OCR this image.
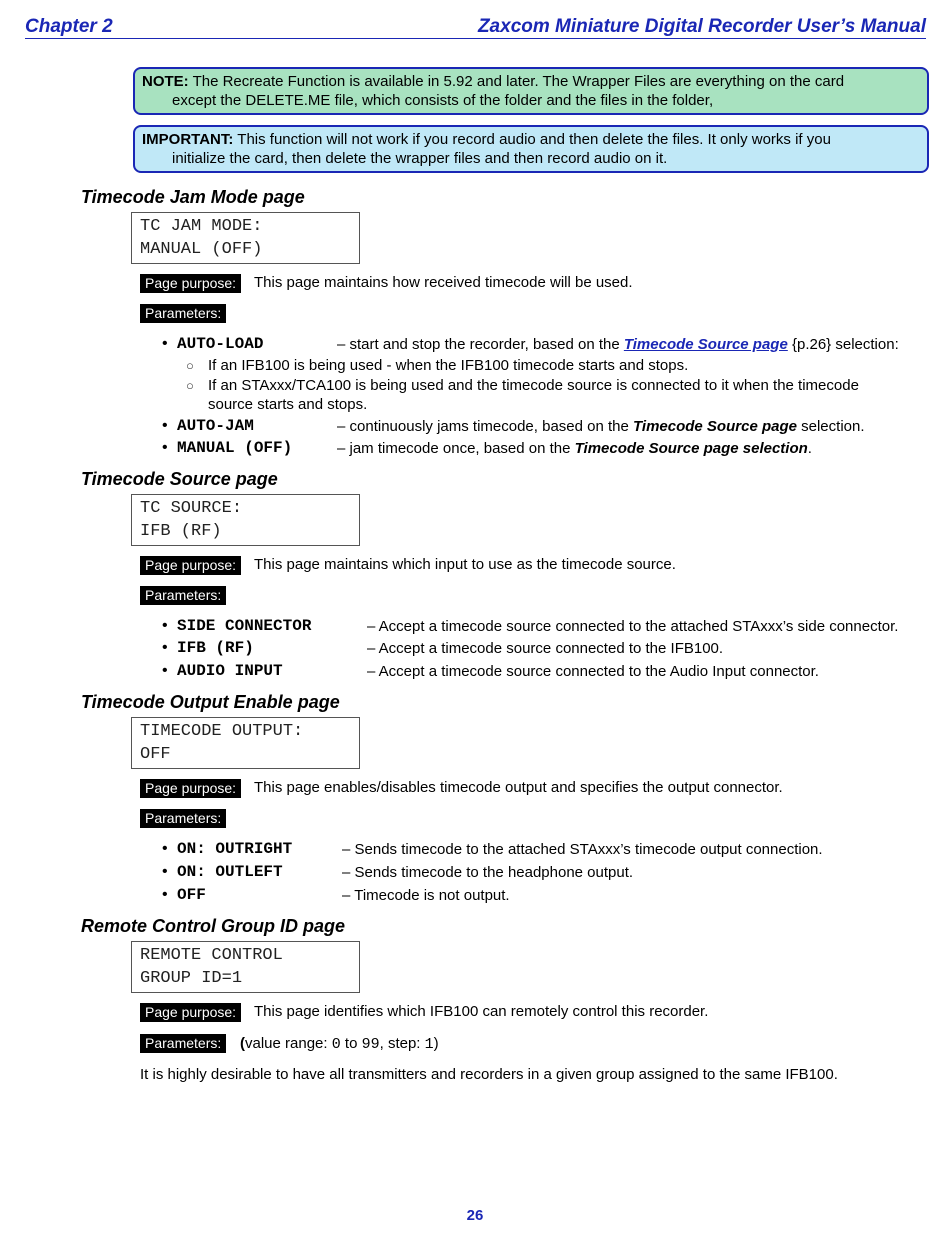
Chapter 2	Zaxcom Miniature Digital Recorder User’s Manual
NOTE: The Recreate Function is available in 5.92 and later. The Wrapper Files are everything on the card
except the DELETE.ME file, which consists of the folder and the files in the folder,
IMPORTANT: This function will not work if you record audio and then delete the files. It only works if you
initialize the card, then delete the wrapper files and then record audio on it.
Timecode Jam Mode page
TC JAM MODE:
MANUAL (OFF)
Page purpose:	This page maintains how received timecode will be used.
Parameters:
• AUTO-LOAD	– start and stop the recorder, based on the Timecode Source page {p.26} selection:
○ If an IFB100 is being used - when the IFB100 timecode starts and stops.
○ If an STAxxx/TCA100 is being used and the timecode source is connected to it when the timecode
source starts and stops.
• AUTO-JAM	– continuously jams timecode, based on the Timecode Source page selection.
• MANUAL (OFF)	– jam timecode once, based on the Timecode Source page selection.
Timecode Source page
TC SOURCE:
IFB (RF)
Page purpose:	This page maintains which input to use as the timecode source.
Parameters:
• SIDE CONNECTOR	– Accept a timecode source connected to the attached STAxxx’s side connector.
• IFB (RF)	– Accept a timecode source connected to the IFB100.
• AUDIO INPUT	– Accept a timecode source connected to the Audio Input connector.
Timecode Output Enable page
TIMECODE OUTPUT:
OFF
Page purpose:	This page enables/disables timecode output and specifies the output connector.
Parameters:
• ON: OUTRIGHT	– Sends timecode to the attached STAxxx’s timecode output connection.
• ON: OUTLEFT	– Sends timecode to the headphone output.
• OFF	– Timecode is not output.
Remote Control Group ID page
REMOTE CONTROL
GROUP ID=1
Page purpose:	This page identifies which IFB100 can remotely control this recorder.
Parameters:	(value range: 0 to 99, step: 1)
It is highly desirable to have all transmitters and recorders in a given group assigned to the same IFB100.
26
